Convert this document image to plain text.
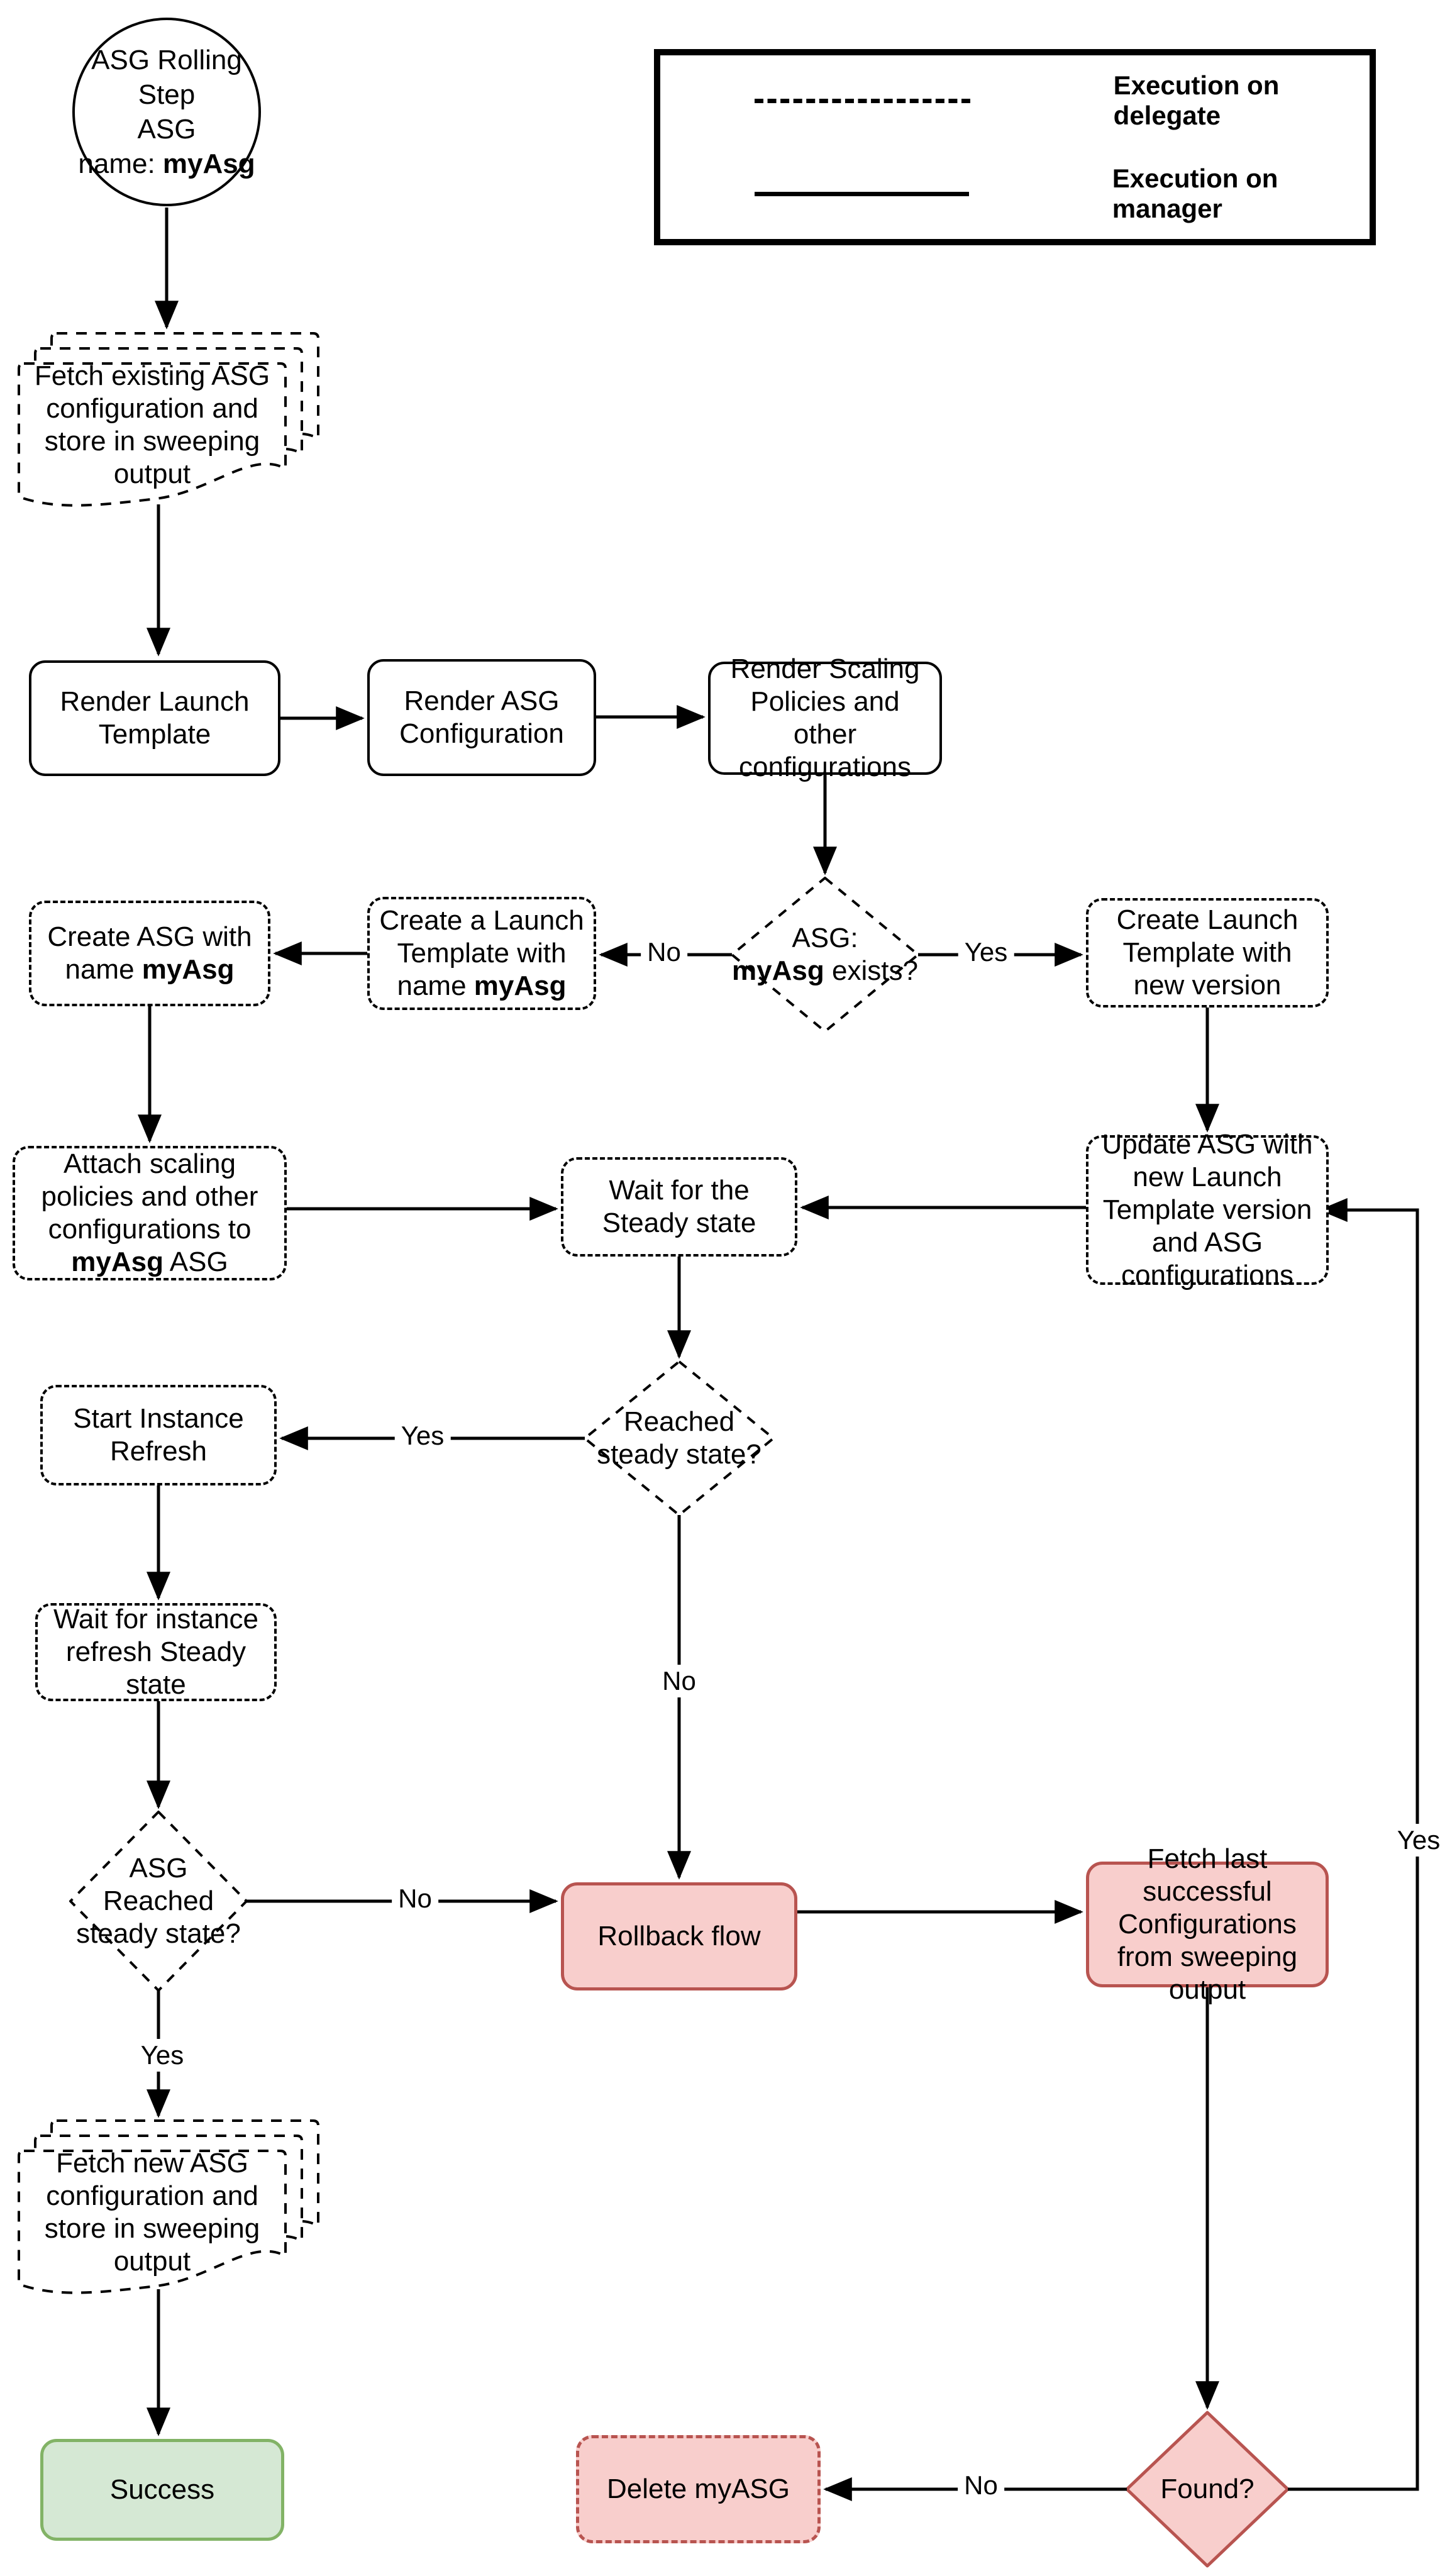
Execution on delegate
Execution on manager
ASG Rolling Step
ASG
name: myAsg
Fetch existing ASG configuration and store in sweeping output
Fetch new ASG configuration and store in sweeping output
Render Launch Template
Render ASG Configuration
Render Scaling Policies and other configurations
Create a Launch Template with name myAsg
Create ASG with name myAsg
Create Launch Template with new version
Attach scaling policies and other configurations to myAsg ASG
Wait for the Steady state
Update ASG with new Launch Template version and ASG configurations
Start Instance Refresh
Wait for instance refresh Steady state
Rollback flow
Fetch last successful Configurations from sweeping output
Success	Delete myASG
ASG:
myAsg exists?
Reached
steady state?
ASG Reached
steady state?
Found?
No	Yes
Yes
No
No
Yes
No
Yes
